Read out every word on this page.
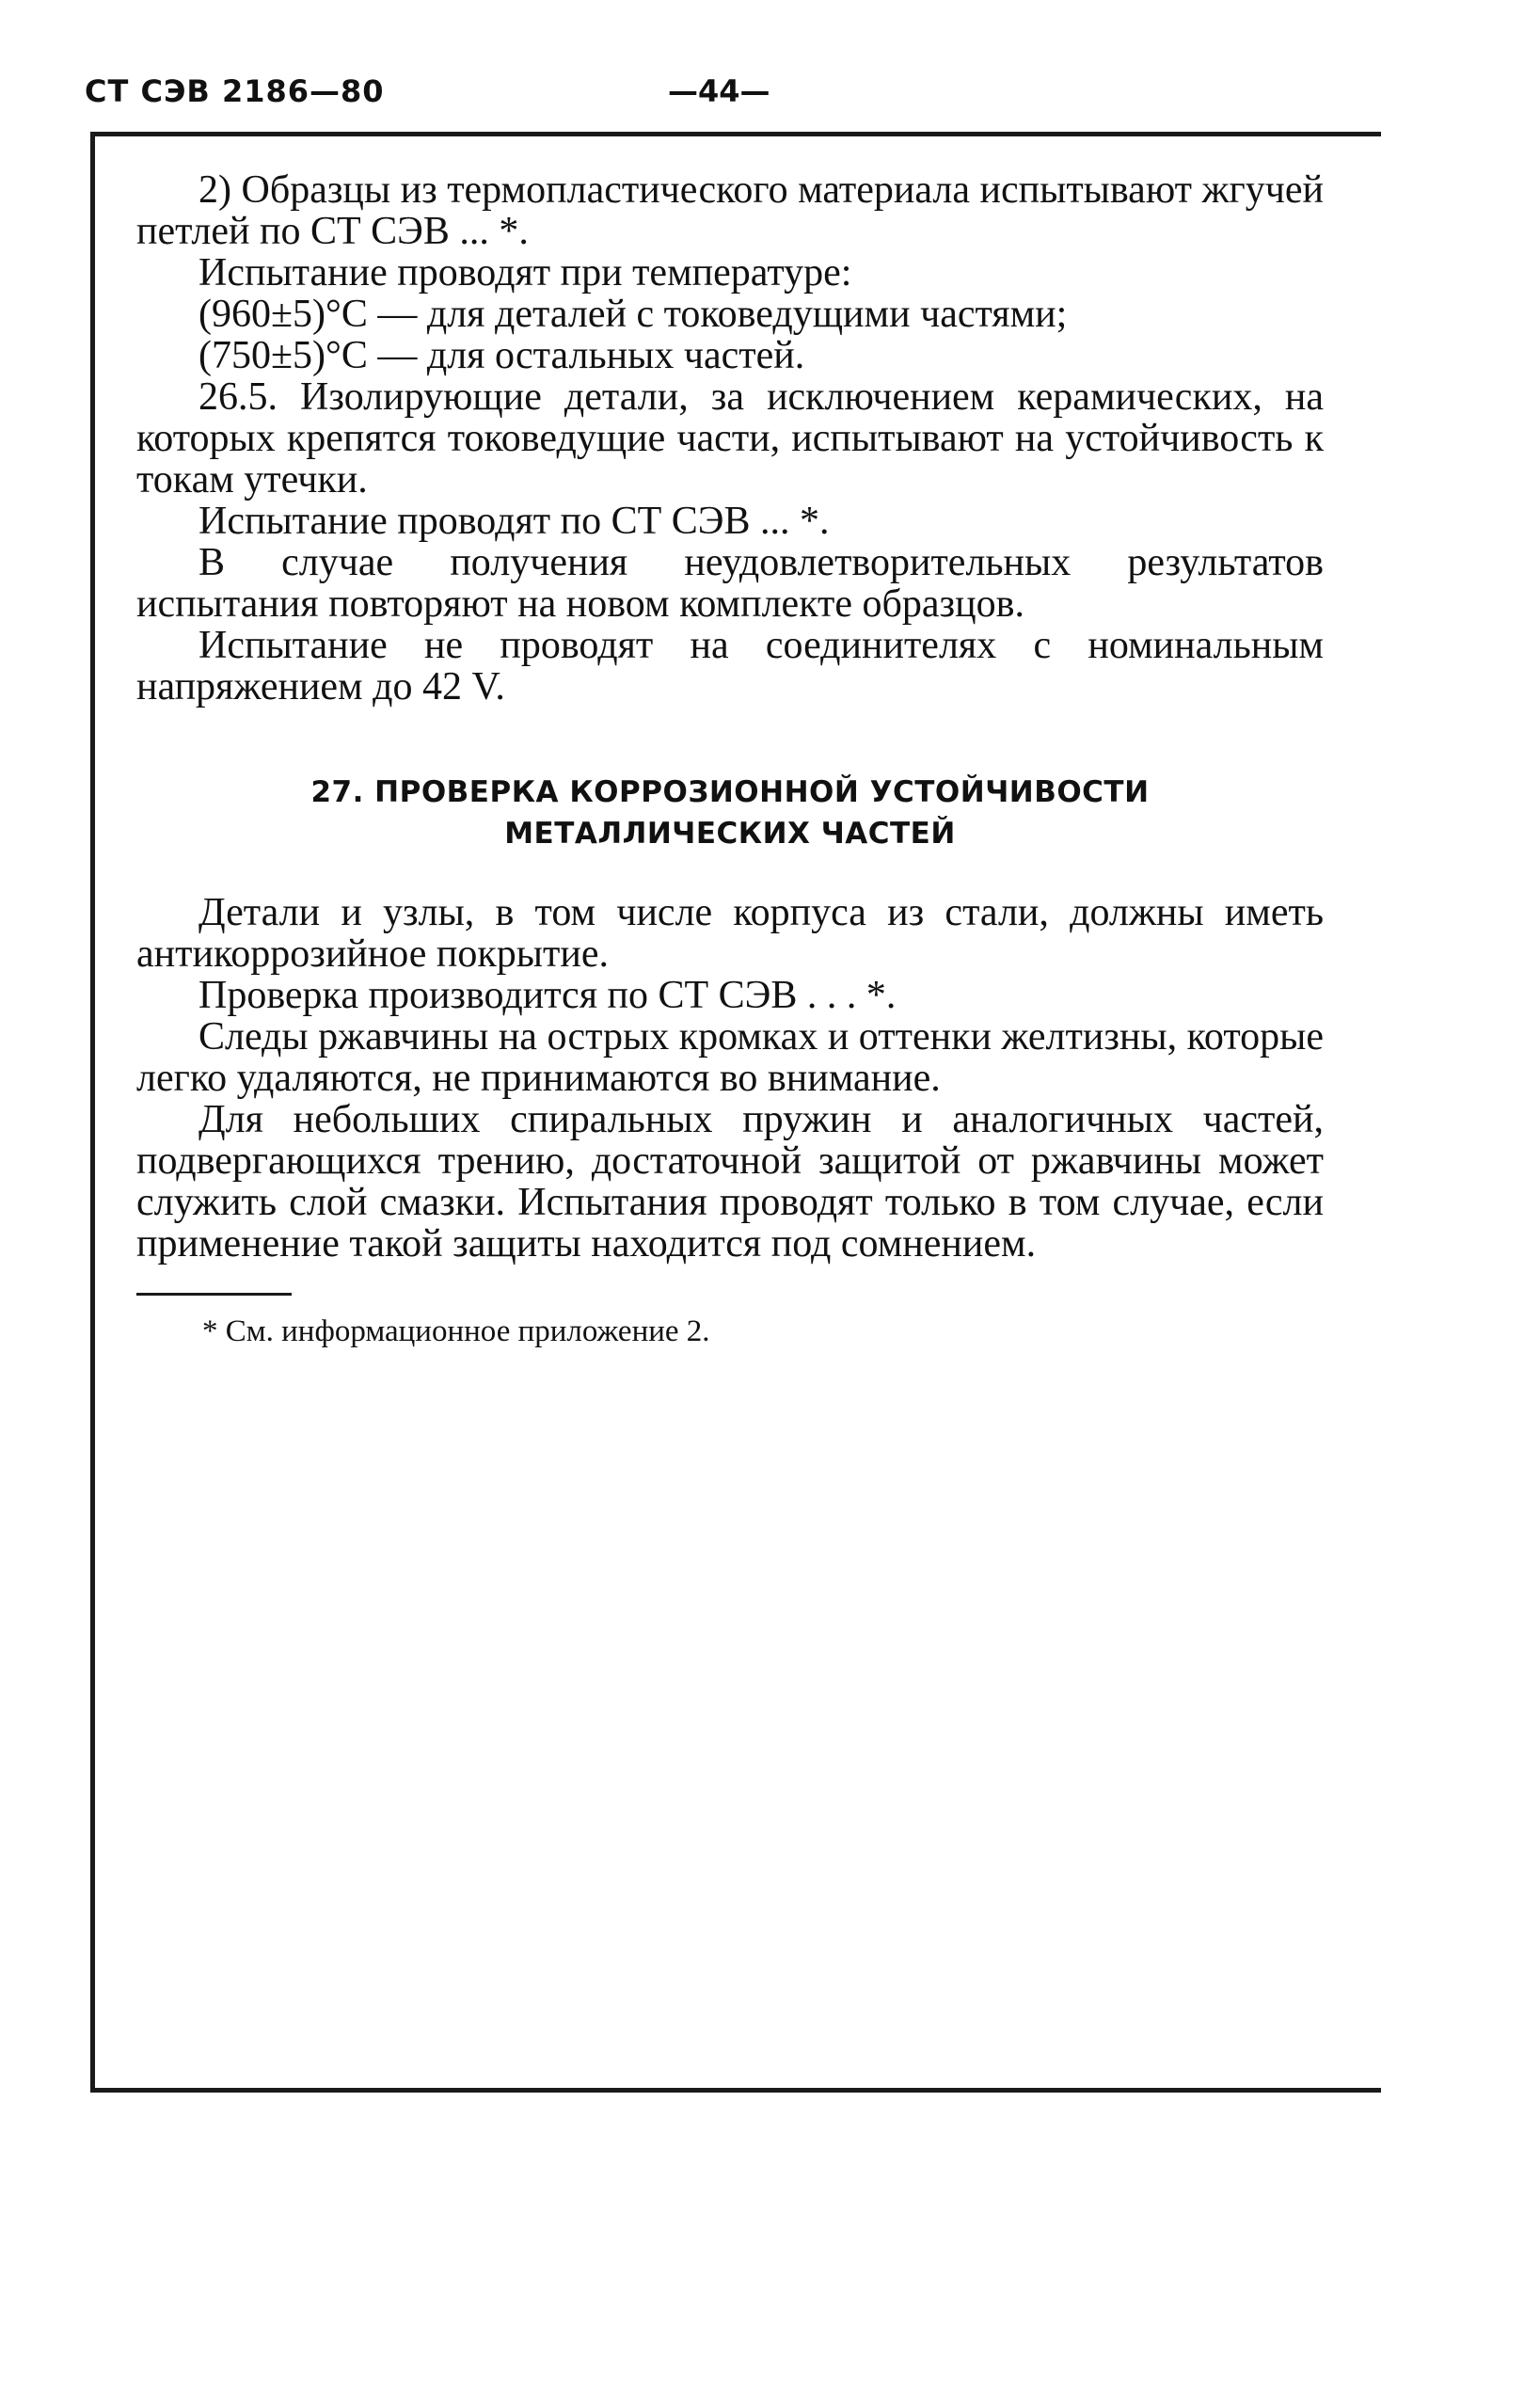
СТ СЭВ 2186—80	—44—

2) Образцы из термопластического материала испытывают жгучей петлей по СТ СЭВ ... *.

Испытание проводят при температуре:

(960±5)°С — для деталей с токоведущими частями;

(750±5)°С — для остальных частей.

26.5. Изолирующие детали, за исключением керамических, на которых крепятся токоведущие части, испытывают на устойчивость к токам утечки.

Испытание проводят по СТ СЭВ ... *.

В случае получения неудовлетворительных результатов испытания повторяют на новом комплекте образцов.

Испытание не проводят на соединителях с номинальным напряжением до 42 V.

27. ПРОВЕРКА КОРРОЗИОННОЙ УСТОЙЧИВОСТИ
МЕТАЛЛИЧЕСКИХ ЧАСТЕЙ

Детали и узлы, в том числе корпуса из стали, должны иметь антикоррозийное покрытие.

Проверка производится по СТ СЭВ . . . *.

Следы ржавчины на острых кромках и оттенки желтизны, которые легко удаляются, не принимаются во внимание.

Для небольших спиральных пружин и аналогичных частей, подвергающихся трению, достаточной защитой от ржавчины может служить слой смазки. Испытания проводят только в том случае, если применение такой защиты находится под сомнением.

* См. информационное приложение 2.
